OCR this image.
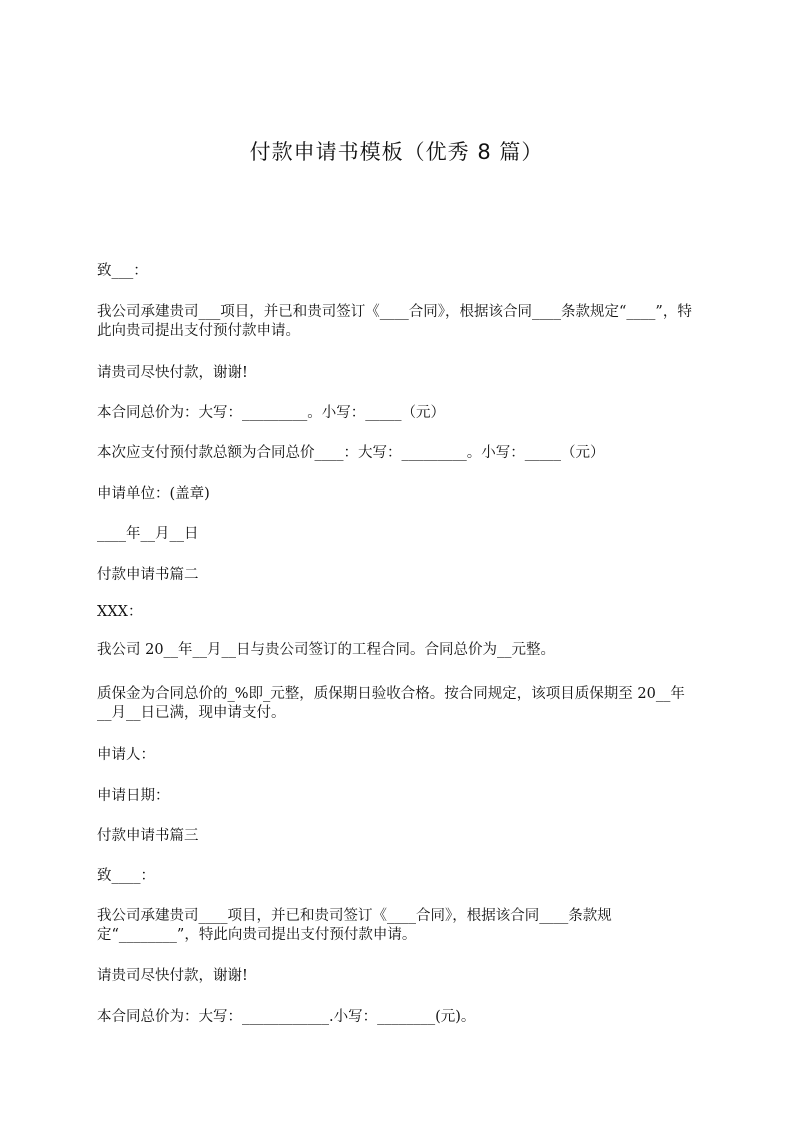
付款申请书模板（优秀 8 篇）

致___：

我公司承建贵司___项目，并已和贵司签订《____合同》，根据该合同____条款规定“____”，特此向贵司提出支付预付款申请。

请贵司尽快付款，谢谢!

本合同总价为：大写：_________。小写：_____（元）

本次应支付预付款总额为合同总价____：大写：_________。小写：_____（元）

申请单位：(盖章)

____年__月__日

付款申请书篇二

XXX：

我公司 20__年__月__日与贵公司签订的工程合同。合同总价为__元整。

质保金为合同总价的_%即_元整，质保期日验收合格。按合同规定，该项目质保期至 20__年__月__日已满，现申请支付。

申请人：

申请日期：

付款申请书篇三

致____：

我公司承建贵司____项目，并已和贵司签订《____合同》，根据该合同____条款规定“________”，特此向贵司提出支付预付款申请。

请贵司尽快付款，谢谢!

本合同总价为：大写：____________.小写：________(元)。
